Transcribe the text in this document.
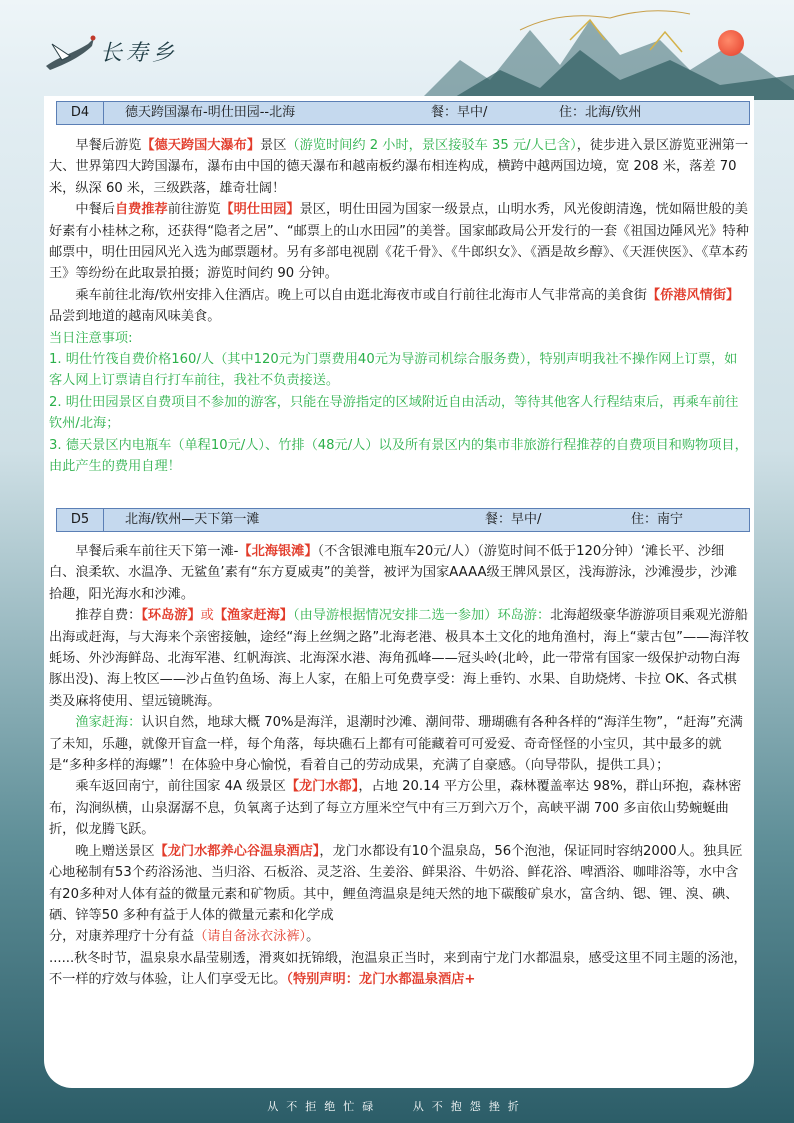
长寿乡
D4	德天跨国瀑布-明仕田园--北海	餐：早中/	住：北海/钦州

早餐后游览【德天跨国大瀑布】景区（游览时间约 2 小时，景区接驳车 35 元/人已含），徒步进入景区游览亚洲第一大、世界第四大跨国瀑布，瀑布由中国的德天瀑布和越南板约瀑布相连构成，横跨中越两国边境，宽 208 米，落差 70 米，纵深 60 米，三级跌落，雄奇壮阔！

中餐后自费推荐前往游览【明仕田园】景区，明仕田园为国家一级景点，山明水秀，风光俊朗清逸，恍如隔世般的美好素有小桂林之称，还获得“隐者之居”、“邮票上的山水田园”的美誉。国家邮政局公开发行的一套《祖国边陲风光》特种邮票中，明仕田园风光入选为邮票题材。另有多部电视剧《花千骨》、《牛郎织女》、《酒是故乡醇》、《天涯侠医》、《草本药王》等纷纷在此取景拍摄；游览时间约 90 分钟。

乘车前往北海/钦州安排入住酒店。晚上可以自由逛北海夜市或自行前往北海市人气非常高的美食街【侨港风情街】品尝到地道的越南风味美食。

当日注意事项:

1. 明仕竹筏自费价格160/人（其中120元为门票费用40元为导游司机综合服务费），特别声明我社不操作网上订票，如客人网上订票请自行打车前往，我社不负责接送。

2. 明仕田园景区自费项目不参加的游客，只能在导游指定的区域附近自由活动，等待其他客人行程结束后，再乘车前往钦州/北海；

3. 德天景区内电瓶车（单程10元/人）、竹排（48元/人）以及所有景区内的集市非旅游行程推荐的自费项目和购物项目，由此产生的费用自理！

D5	北海/钦州—天下第一滩	餐：早中/	住：南宁

早餐后乘车前往天下第一滩-【北海银滩】（不含银滩电瓶车20元/人）（游览时间不低于120分钟）‘滩长平、沙细白、浪柔软、水温净、无鲨鱼’素有“东方夏威夷”的美誉，被评为国家AAAA级王牌风景区，浅海游泳，沙滩漫步，沙滩拾趣，阳光海水和沙滩。

推荐自费：【环岛游】或【渔家赶海】（由导游根据情况安排二选一参加）环岛游：北海超级豪华游游项目乘观光游船出海或赶海，与大海来个亲密接触，途经“海上丝绸之路”北海老港、极具本土文化的地角渔村，海上“蒙古包”——海洋牧蚝场、外沙海鲜岛、北海军港、红帆海滨、北海深水港、海角孤峰——冠头岭(北岭，此一带常有国家一级保护动物白海豚出没)、海上牧区——沙占鱼钓鱼场、海上人家，在船上可免费享受：海上垂钓、水果、自助烧烤、卡拉 OK、各式棋类及麻将使用、望远镜眺海。

渔家赶海：认识自然，地球大概 70%是海洋，退潮时沙滩、潮间带、珊瑚礁有各种各样的“海洋生物”，“赶海”充满了未知，乐趣，就像开盲盒一样，每个角落，每块礁石上都有可能藏着可可爱爱、奇奇怪怪的小宝贝，其中最多的就是“多种多样的海螺”！在体验中身心愉悦，看着自己的劳动成果，充满了自豪感。（向导带队，提供工具）；

乘车返回南宁，前往国家 4A 级景区【龙门水都】，占地 20.14 平方公里，森林覆盖率达 98%，群山环抱，森林密布，沟涧纵横，山泉潺潺不息，负氧离子达到了每立方厘米空气中有三万到六万个，高峡平湖 700 多亩依山势蜿蜒曲折，似龙腾飞跃。

晚上赠送景区【龙门水都养心谷温泉酒店】，龙门水都设有10个温泉岛，56个泡池，保证同时容纳2000人。独具匠心地秘制有53个药浴汤池、当归浴、石板浴、灵芝浴、生姜浴、鲜果浴、牛奶浴、鲜花浴、啤酒浴、咖啡浴等，水中含有20多种对人体有益的微量元素和矿物质。其中，鲤鱼湾温泉是纯天然的地下碳酸矿泉水，富含纳、锶、锂、溴、碘、硒、锌等50 多种有益于人体的微量元素和化学成

分，对康养理疗十分有益（请自备泳衣泳裤）。

......秋冬时节，温泉泉水晶莹剔透，滑爽如抚锦缎，泡温泉正当时，来到南宁龙门水都温泉，感受这里不同主题的汤池，不一样的疗效与体验，让人们享受无比。（特别声明：龙门水都温泉酒店+

从不拒绝忙碌	从不抱怨挫折
